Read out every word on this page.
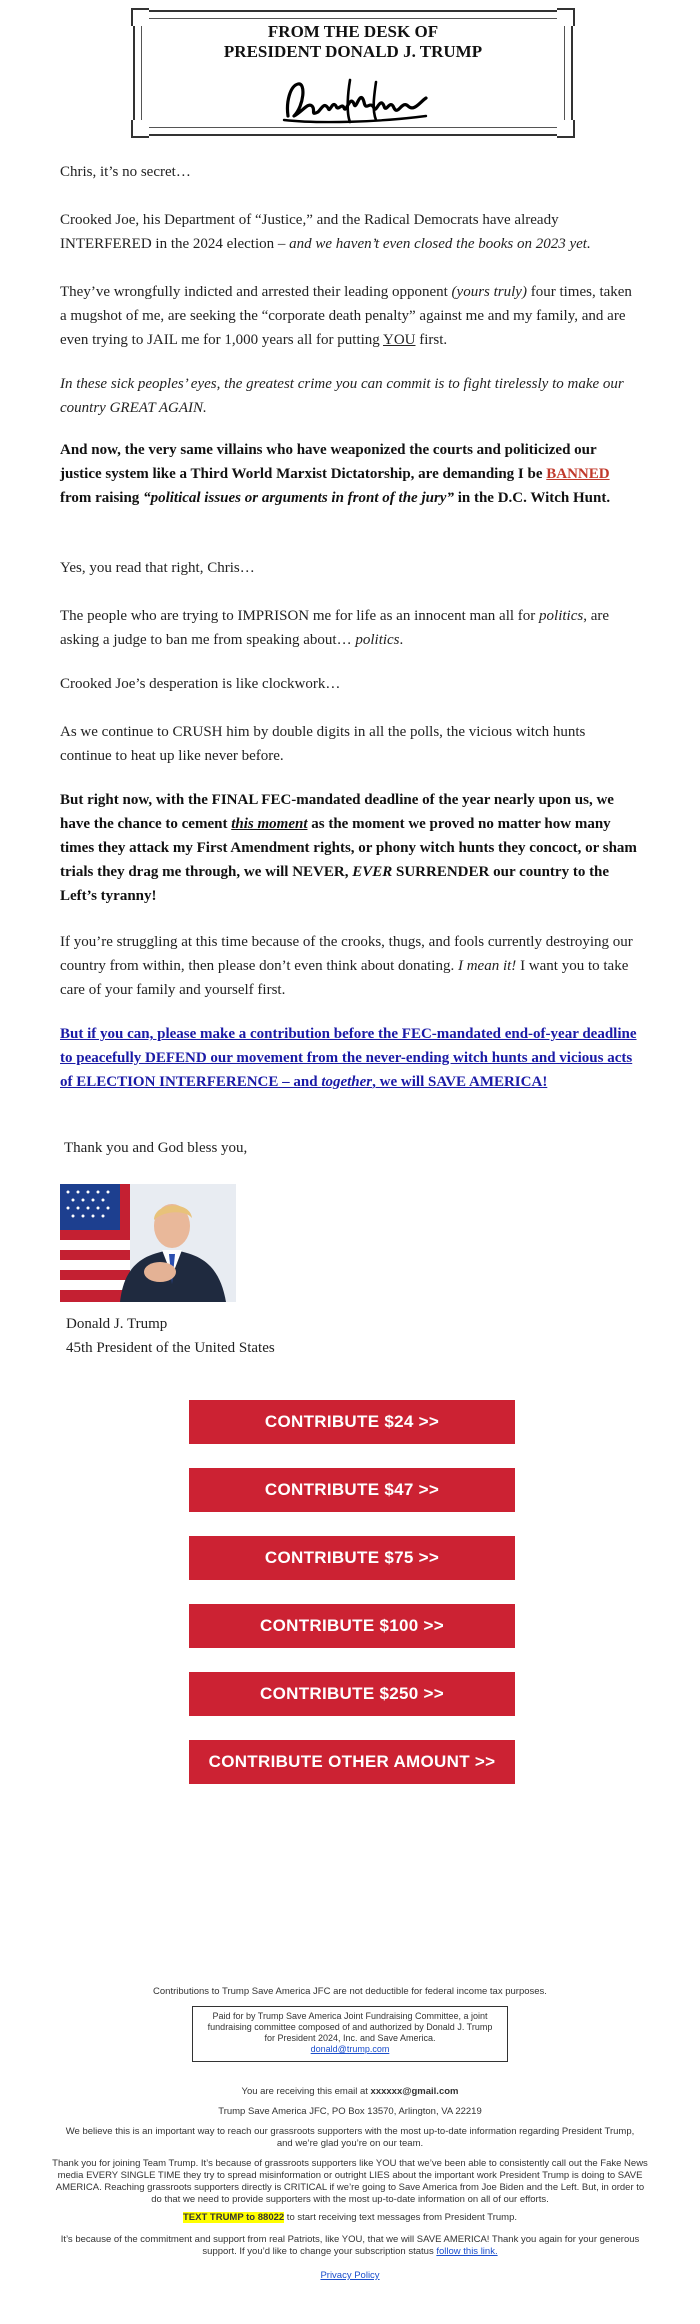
FROM THE DESK OF
PRESIDENT DONALD J. TRUMP

Chris, it’s no secret…

Crooked Joe, his Department of “Justice,” and the Radical Democrats have already INTERFERED in the 2024 election – and we haven’t even closed the books on 2023 yet.

They’ve wrongfully indicted and arrested their leading opponent (yours truly) four times, taken a mugshot of me, are seeking the “corporate death penalty” against me and my family, and are even trying to JAIL me for 1,000 years all for putting YOU first.

In these sick peoples’ eyes, the greatest crime you can commit is to fight tirelessly to make our country GREAT AGAIN.

And now, the very same villains who have weaponized the courts and politicized our justice system like a Third World Marxist Dictatorship, are demanding I be BANNED from raising “political issues or arguments in front of the jury” in the D.C. Witch Hunt.

Yes, you read that right, Chris…

The people who are trying to IMPRISON me for life as an innocent man all for politics, are asking a judge to ban me from speaking about… politics.

Crooked Joe’s desperation is like clockwork…

As we continue to CRUSH him by double digits in all the polls, the vicious witch hunts continue to heat up like never before.

But right now, with the FINAL FEC-mandated deadline of the year nearly upon us, we have the chance to cement this moment as the moment we proved no matter how many times they attack my First Amendment rights, or phony witch hunts they concoct, or sham trials they drag me through, we will NEVER, EVER SURRENDER our country to the Left’s tyranny!

If you’re struggling at this time because of the crooks, thugs, and fools currently destroying our country from within, then please don’t even think about donating. I mean it! I want you to take care of your family and yourself first.

But if you can, please make a contribution before the FEC-mandated end-of-year deadline to peacefully DEFEND our movement from the never-ending witch hunts and vicious acts of ELECTION INTERFERENCE – and together, we will SAVE AMERICA!

Thank you and God bless you,

Donald J. Trump

45th President of the United States

CONTRIBUTE $24 >>
CONTRIBUTE $47 >>
CONTRIBUTE $75 >>
CONTRIBUTE $100 >>
CONTRIBUTE $250 >>
CONTRIBUTE OTHER AMOUNT >>
Contributions to Trump Save America JFC are not deductible for federal income tax purposes.
Paid for by Trump Save America Joint Fundraising Committee, a joint fundraising committee composed of and authorized by Donald J. Trump for President 2024, Inc. and Save America.
donald@trump.com
You are receiving this email at xxxxxx@gmail.com
Trump Save America JFC, PO Box 13570, Arlington, VA 22219
We believe this is an important way to reach our grassroots supporters with the most up-to-date information regarding President Trump, and we’re glad you’re on our team.
Thank you for joining Team Trump. It’s because of grassroots supporters like YOU that we’ve been able to consistently call out the Fake News media EVERY SINGLE TIME they try to spread misinformation or outright LIES about the important work President Trump is doing to SAVE AMERICA. Reaching grassroots supporters directly is CRITICAL if we’re going to Save America from Joe Biden and the Left. But, in order to do that we need to provide supporters with the most up-to-date information on all of our efforts.
TEXT TRUMP to 88022 to start receiving text messages from President Trump.
It’s because of the commitment and support from real Patriots, like YOU, that we will SAVE AMERICA! Thank you again for your generous support. If you’d like to change your subscription status follow this link.
Privacy Policy
